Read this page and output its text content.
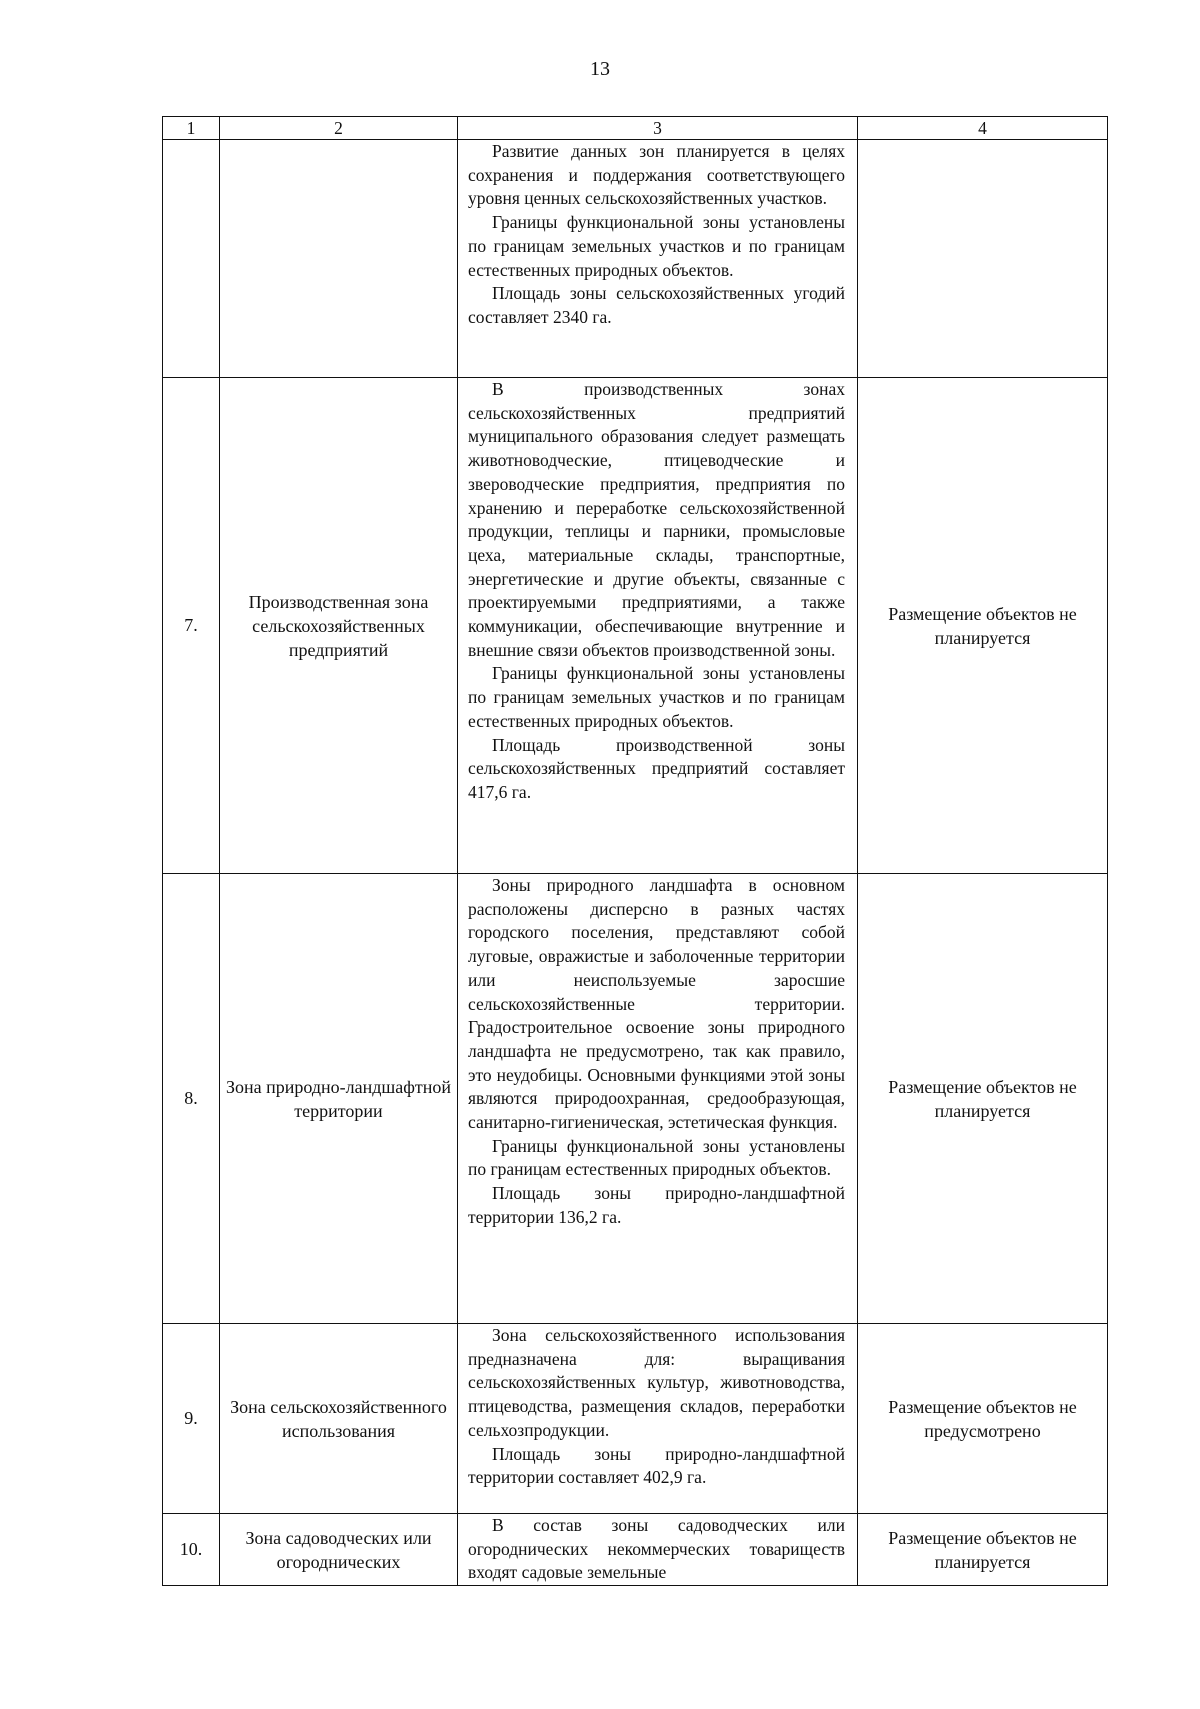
13
1	2	3	4

		Развитие данных зон планируется в целях сохранения и поддержания соответствующего уровня ценных сельскохозяйственных участков.

Границы функциональной зоны установлены по границам земельных участков и по границам естественных природных объектов.

Площадь зоны сельскохозяйственных угодий составляет 2340 га.	

7.	Производственная зона сельскохозяйственных предприятий	В производственных зонах сельскохозяйственных предприятий муниципального образования следует размещать животноводческие, птицеводческие и звероводческие предприятия, предприятия по хранению и переработке сельскохозяйственной продукции, теплицы и парники, промысловые цеха, материальные склады, транспортные, энергетические и другие объекты, связанные с проектируемыми предприятиями, а также коммуникации, обеспечивающие внутренние и внешние связи объектов производственной зоны.

Границы функциональной зоны установлены по границам земельных участков и по границам естественных природных объектов.

Площадь производственной зоны сельскохозяйственных предприятий составляет 417,6 га.	Размещение объектов не планируется
8.	Зона природно-ландшафтной территории	Зоны природного ландшафта в основном расположены дисперсно в разных частях городского поселения, представляют собой луговые, овражистые и заболоченные территории или неиспользуемые заросшие сельскохозяйственные территории. Градостроительное освоение зоны природного ландшафта не предусмотрено, так как правило, это неудобицы. Основными функциями этой зоны являются природоохранная, средообразующая, санитарно-гигиеническая, эстетическая функция.

Границы функциональной зоны установлены по границам естественных природных объектов.

Площадь зоны природно-ландшафтной территории 136,2 га.	Размещение объектов не планируется
9.	Зона сельскохозяйственного использования	Зона сельскохозяйственного использования предназначена для: выращивания сельскохозяйственных культур, животноводства, птицеводства, размещения складов, переработки сельхозпродукции.

Площадь зоны природно-ландшафтной территории составляет 402,9 га.	Размещение объектов не предусмотрено
10.	Зона садоводческих или огороднических	В состав зоны садоводческих или огороднических некоммерческих товариществ входят садовые земельные	Размещение объектов не планируется
